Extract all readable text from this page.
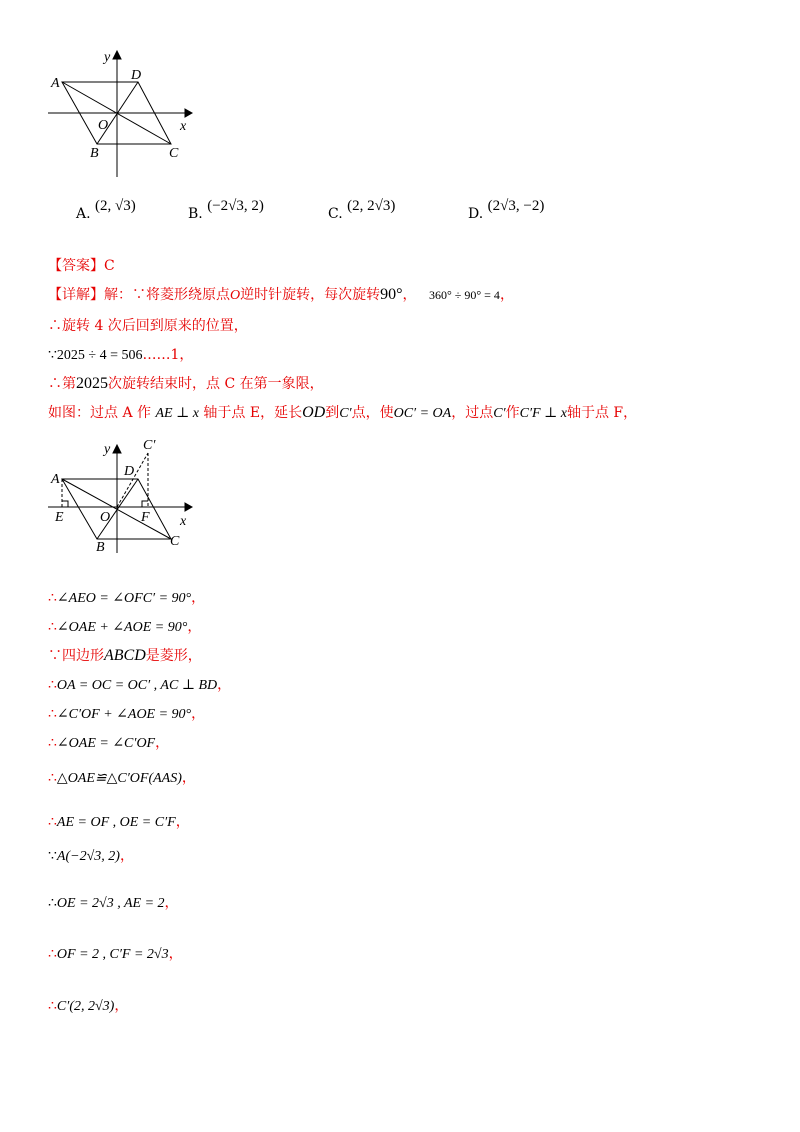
A
D
C
B
O	x
y
A. (2, √3)	B. (−2√3, 2)	C. (2, 2√3)	D. (2√3, −2)
【答案】C
【详解】解：∵将菱形绕原点O逆时针旋转，每次旋转90°， 360° ÷ 90° = 4，
∴旋转 4 次后回到原来的位置，
∵2025 ÷ 4 = 506……1，
∴第2025次旋转结束时，点 C 在第一象限，
如图：过点 A 作 AE ⊥ x 轴于点 E，延长OD到C′点，使OC′ = OA，过点C′作C′F ⊥ x轴于点 F，
A
D
C′
C
B
O
E	F x
y
∴∠AEO = ∠OFC′ = 90°，
∴∠OAE + ∠AOE = 90°，
∵四边形ABCD是菱形，
∴OA = OC = OC′ , AC ⊥ BD，
∴∠C′OF + ∠AOE = 90°，
∴∠OAE = ∠C′OF，
∴△OAE≌△C′OF(AAS)，
∴AE = OF , OE = C′F，
∵A(−2√3, 2)，
∴OE = 2√3 , AE = 2，
∴OF = 2 , C′F = 2√3，
∴C′(2, 2√3)，
